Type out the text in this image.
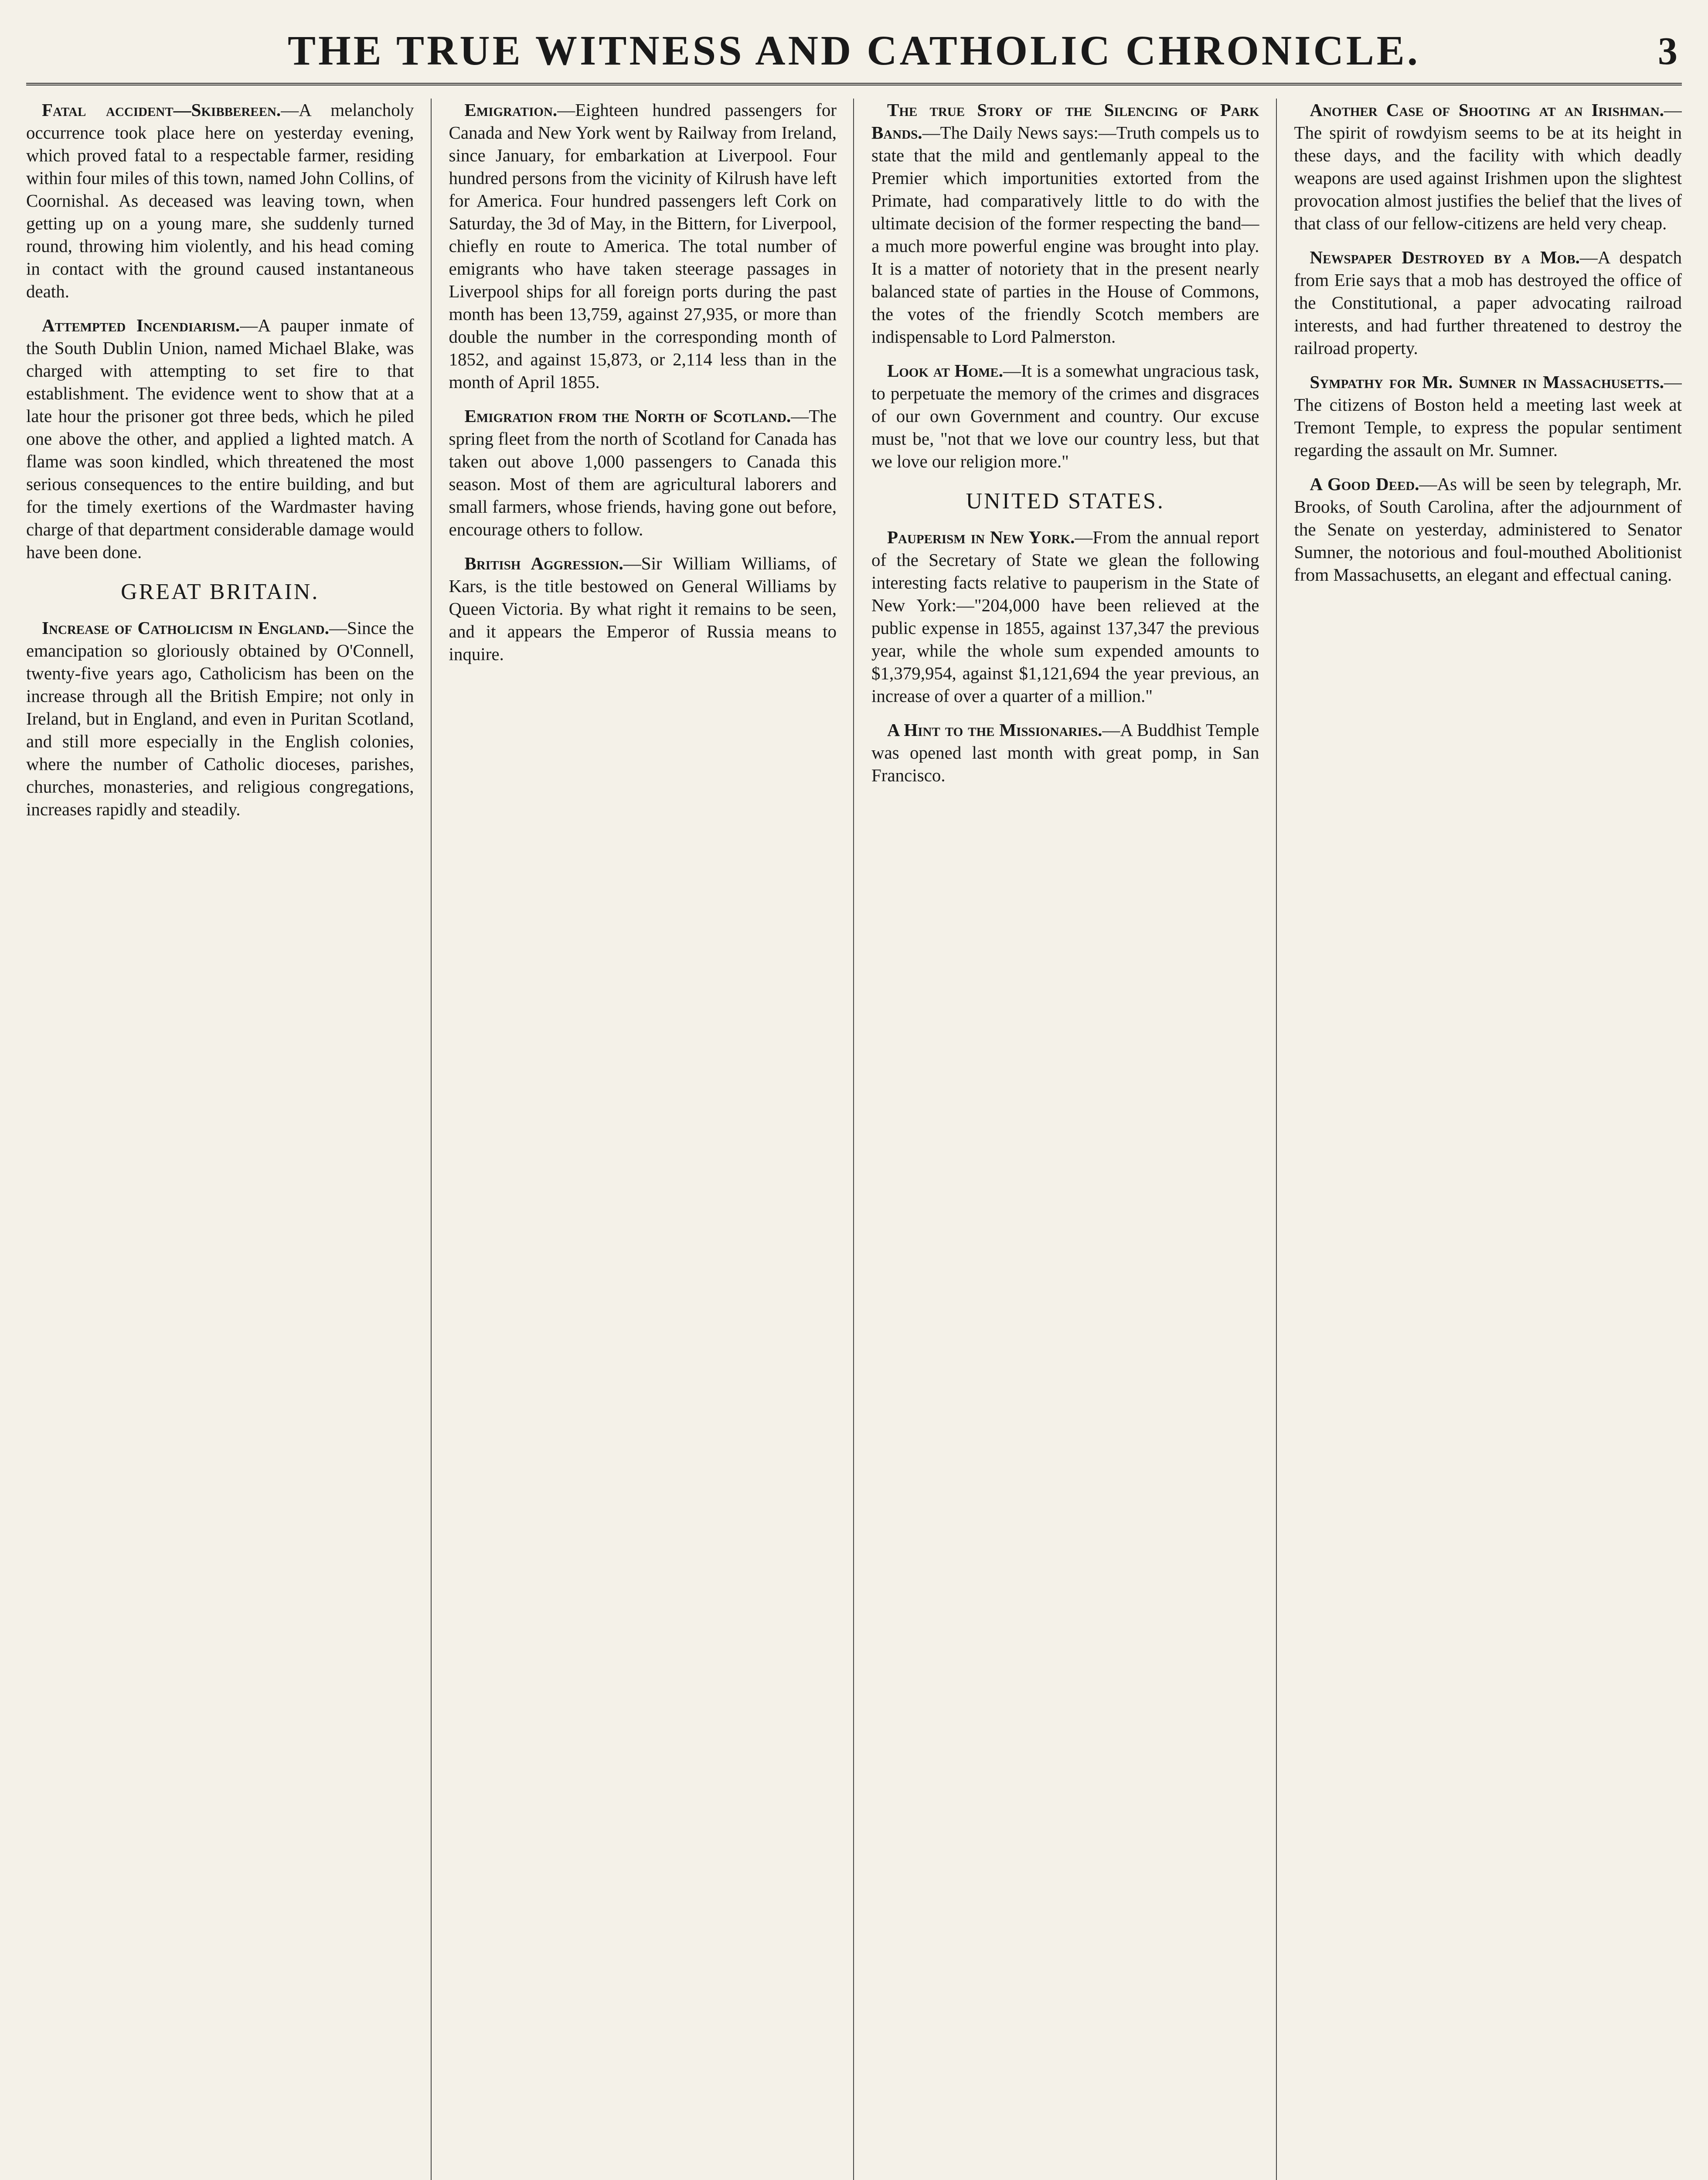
THE TRUE WITNESS AND CATHOLIC CHRONICLE.	3

Fatal accident—Skibbereen.—A melancholy occurrence took place here on yesterday evening, which proved fatal to a respectable farmer, residing within four miles of this town, named John Collins, of Coornishal. As deceased was leaving town, when getting up on a young mare, she suddenly turned round, throwing him violently, and his head coming in contact with the ground caused instantaneous death.

Attempted Incendiarism.—A pauper inmate of the South Dublin Union, named Michael Blake, was charged with attempting to set fire to that establishment. The evidence went to show that at a late hour the prisoner got three beds, which he piled one above the other, and applied a lighted match. A flame was soon kindled, which threatened the most serious consequences to the entire building, and but for the timely exertions of the Wardmaster having charge of that department considerable damage would have been done.

GREAT BRITAIN.

Increase of Catholicism in England.—Since the emancipation so gloriously obtained by O'Connell, twenty-five years ago, Catholicism has been on the increase through all the British Empire; not only in Ireland, but in England, and even in Puritan Scotland, and still more especially in the English colonies, where the number of Catholic dioceses, parishes, churches, monasteries, and religious congregations, increases rapidly and steadily.

Emigration.—Eighteen hundred passengers for Canada and New York went by Railway from Ireland, since January, for embarkation at Liverpool. Four hundred persons from the vicinity of Kilrush have left for America. Four hundred passengers left Cork on Saturday, the 3d of May, in the Bittern, for Liverpool, chiefly en route to America. The total number of emigrants who have taken steerage passages in Liverpool ships for all foreign ports during the past month has been 13,759, against 27,935, or more than double the number in the corresponding month of 1852, and against 15,873, or 2,114 less than in the month of April 1855.

Emigration from the North of Scotland.—The spring fleet from the north of Scotland for Canada has taken out above 1,000 passengers to Canada this season. Most of them are agricultural laborers and small farmers, whose friends, having gone out before, encourage others to follow.

British Aggression.—Sir William Williams, of Kars, is the title bestowed on General Williams by Queen Victoria. By what right it remains to be seen, and it appears the Emperor of Russia means to inquire.

The true Story of the Silencing of Park Bands.—The Daily News says:—Truth compels us to state that the mild and gentlemanly appeal to the Premier which importunities extorted from the Primate, had comparatively little to do with the ultimate decision of the former respecting the band—a much more powerful engine was brought into play. It is a matter of notoriety that in the present nearly balanced state of parties in the House of Commons, the votes of the friendly Scotch members are indispensable to Lord Palmerston.

Look at Home.—It is a somewhat ungracious task, to perpetuate the memory of the crimes and disgraces of our own Government and country. Our excuse must be, "not that we love our country less, but that we love our religion more."

UNITED STATES.

Pauperism in New York.—From the annual report of the Secretary of State we glean the following interesting facts relative to pauperism in the State of New York:—"204,000 have been relieved at the public expense in 1855, against 137,347 the previous year, while the whole sum expended amounts to $1,379,954, against $1,121,694 the year previous, an increase of over a quarter of a million."

A Hint to the Missionaries.—A Buddhist Temple was opened last month with great pomp, in San Francisco.

Another Case of Shooting at an Irishman.—The spirit of rowdyism seems to be at its height in these days, and the facility with which deadly weapons are used against Irishmen upon the slightest provocation almost justifies the belief that the lives of that class of our fellow-citizens are held very cheap.

Newspaper Destroyed by a Mob.—A despatch from Erie says that a mob has destroyed the office of the Constitutional, a paper advocating railroad interests, and had further threatened to destroy the railroad property.

Sympathy for Mr. Sumner in Massachusetts.—The citizens of Boston held a meeting last week at Tremont Temple, to express the popular sentiment regarding the assault on Mr. Sumner.

A Good Deed.—As will be seen by telegraph, Mr. Brooks, of South Carolina, after the adjournment of the Senate on yesterday, administered to Senator Sumner, the notorious and foul-mouthed Abolitionist from Massachusetts, an elegant and effectual caning.
